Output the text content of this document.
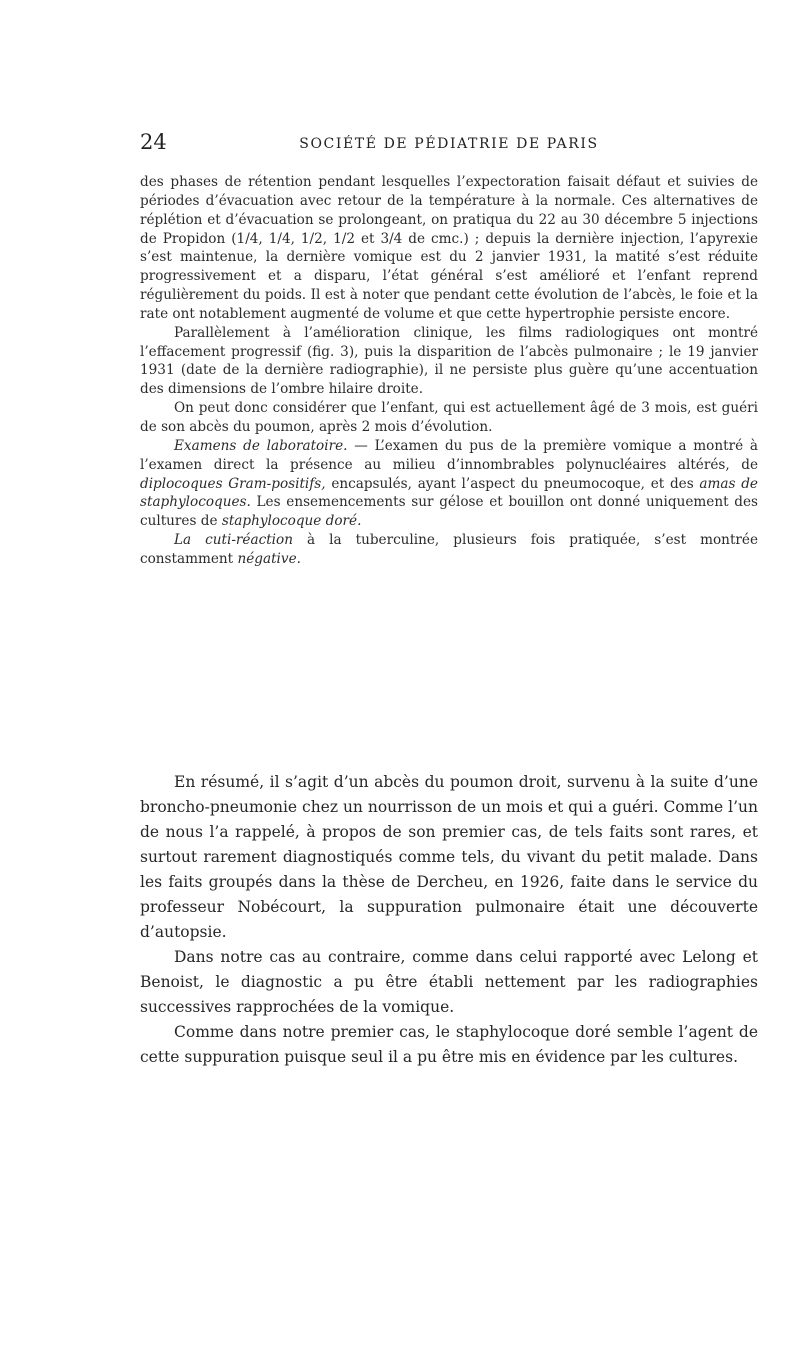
24	SOCIÉTÉ DE PÉDIATRIE DE PARIS

des phases de rétention pendant lesquelles l’expectoration faisait défaut et suivies de périodes d’évacuation avec retour de la température à la normale. Ces alternatives de réplétion et d’évacuation se prolongeant, on pratiqua du 22 au 30 décembre 5 injections de Propidon (1/4, 1/4, 1/2, 1/2 et 3/4 de cmc.) ; depuis la dernière injection, l’apyrexie s’est maintenue, la dernière vomique est du 2 janvier 1931, la matité s’est réduite progressivement et a disparu, l’état général s’est amélioré et l’enfant reprend régulièrement du poids. Il est à noter que pendant cette évolution de l’abcès, le foie et la rate ont notablement augmenté de volume et que cette hypertrophie persiste encore.

Parallèlement à l’amélioration clinique, les films radiologiques ont montré l’effacement progressif (fig. 3), puis la disparition de l’abcès pulmonaire ; le 19 janvier 1931 (date de la dernière radiographie), il ne persiste plus guère qu’une accentuation des dimensions de l’ombre hilaire droite.

On peut donc considérer que l’enfant, qui est actuellement âgé de 3 mois, est guéri de son abcès du poumon, après 2 mois d’évolution.

Examens de laboratoire. — L’examen du pus de la première vomique a montré à l’examen direct la présence au milieu d’innombrables polynucléaires altérés, de diplocoques Gram-positifs, encapsulés, ayant l’aspect du pneumocoque, et des amas de staphylocoques. Les ensemencements sur gélose et bouillon ont donné uniquement des cultures de staphylocoque doré.

La cuti-réaction à la tuberculine, plusieurs fois pratiquée, s’est montrée constamment négative.

En résumé, il s’agit d’un abcès du poumon droit, survenu à la suite d’une broncho-pneumonie chez un nourrisson de un mois et qui a guéri. Comme l’un de nous l’a rappelé, à propos de son premier cas, de tels faits sont rares, et surtout rarement diagnostiqués comme tels, du vivant du petit malade. Dans les faits groupés dans la thèse de Dercheu, en 1926, faite dans le service du professeur Nobécourt, la suppuration pulmonaire était une découverte d’autopsie.

Dans notre cas au contraire, comme dans celui rapporté avec Lelong et Benoist, le diagnostic a pu être établi nettement par les radiographies successives rapprochées de la vomique.

Comme dans notre premier cas, le staphylocoque doré semble l’agent de cette suppuration puisque seul il a pu être mis en évidence par les cultures.
